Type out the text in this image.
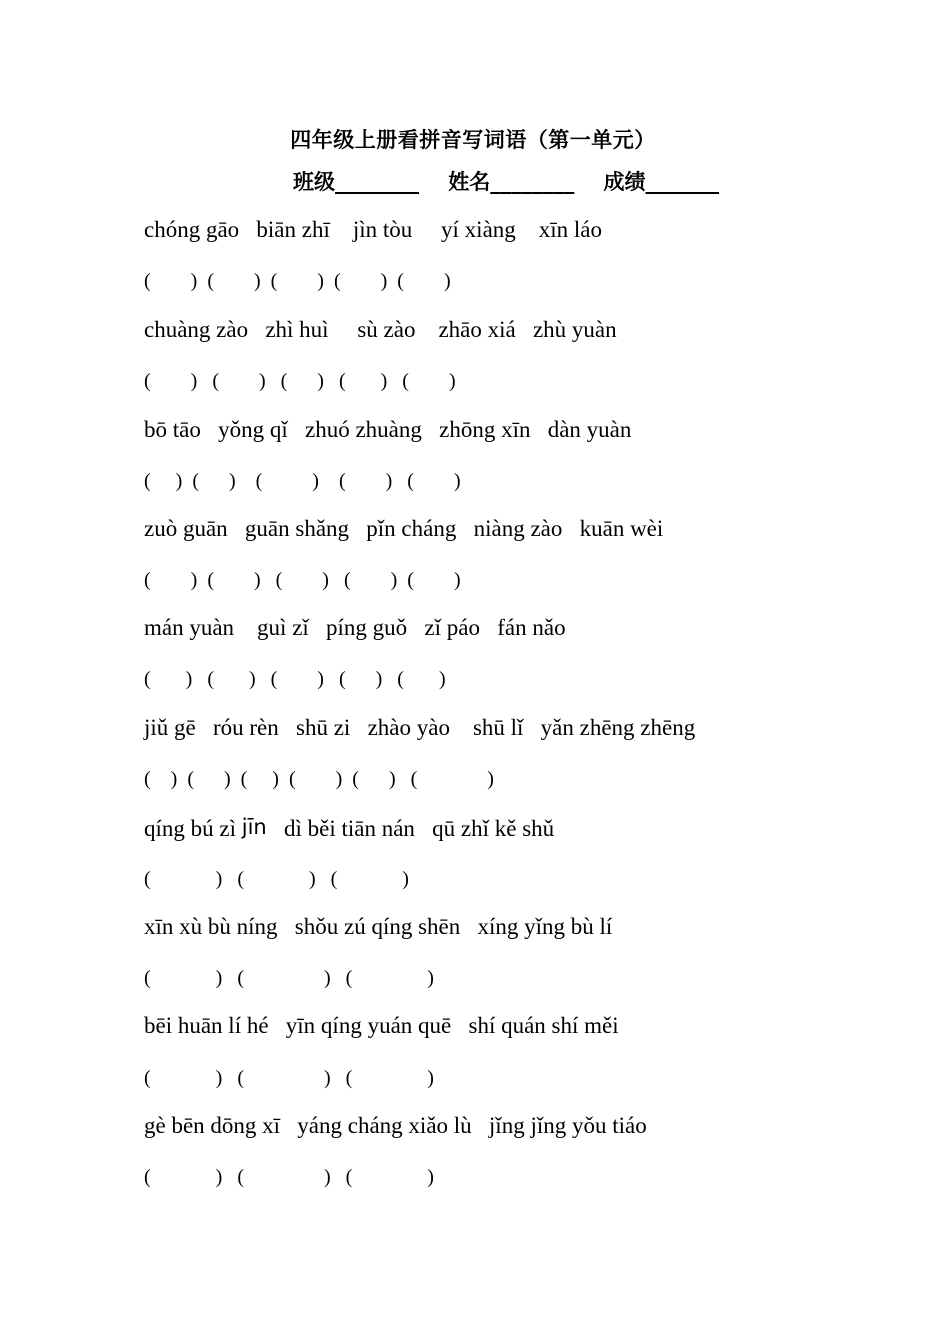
四年级上册看拼音写词语（第一单元）
班级________    姓名________    成绩_______
chóng gāo   biān zhī    jìn tòu     yí xiàng    xīn láo
(        )  (        )  (        )  (        )  (        )
chuàng zào   zhì huì     sù zào    zhāo xiá   zhù yuàn
(        )   (        )   (      )   (       )   (        )
bō tāo   yǒng qǐ   zhuó zhuàng   zhōng xīn   dàn yuàn
(     )  (      )    (          )    (        )   (        )
zuò guān   guān shǎng   pǐn cháng   niàng zào   kuān wèi
(        )  (        )   (        )   (        )  (        )
mán yuàn    guì zǐ   píng guǒ   zǐ páo   fán nǎo
(       )   (       )   (        )   (      )   (       )
jiǔ gē   róu rèn   shū zi   zhào yào    shū lǐ   yǎn zhēng zhēng
(    )  (      )  (     )  (        )  (      )   (              )
qíng bú zì jīn   dì běi tiān nán   qū zhǐ kě shǔ
(             )   (             )   (             )
xīn xù bù níng   shǒu zú qíng shēn   xíng yǐng bù lí
(             )   (                )   (               )
bēi huān lí hé   yīn qíng yuán quē   shí quán shí měi
(             )   (                )   (               )
gè bēn dōng xī   yáng cháng xiǎo lù   jǐng jǐng yǒu tiáo
(             )   (                )   (               )
